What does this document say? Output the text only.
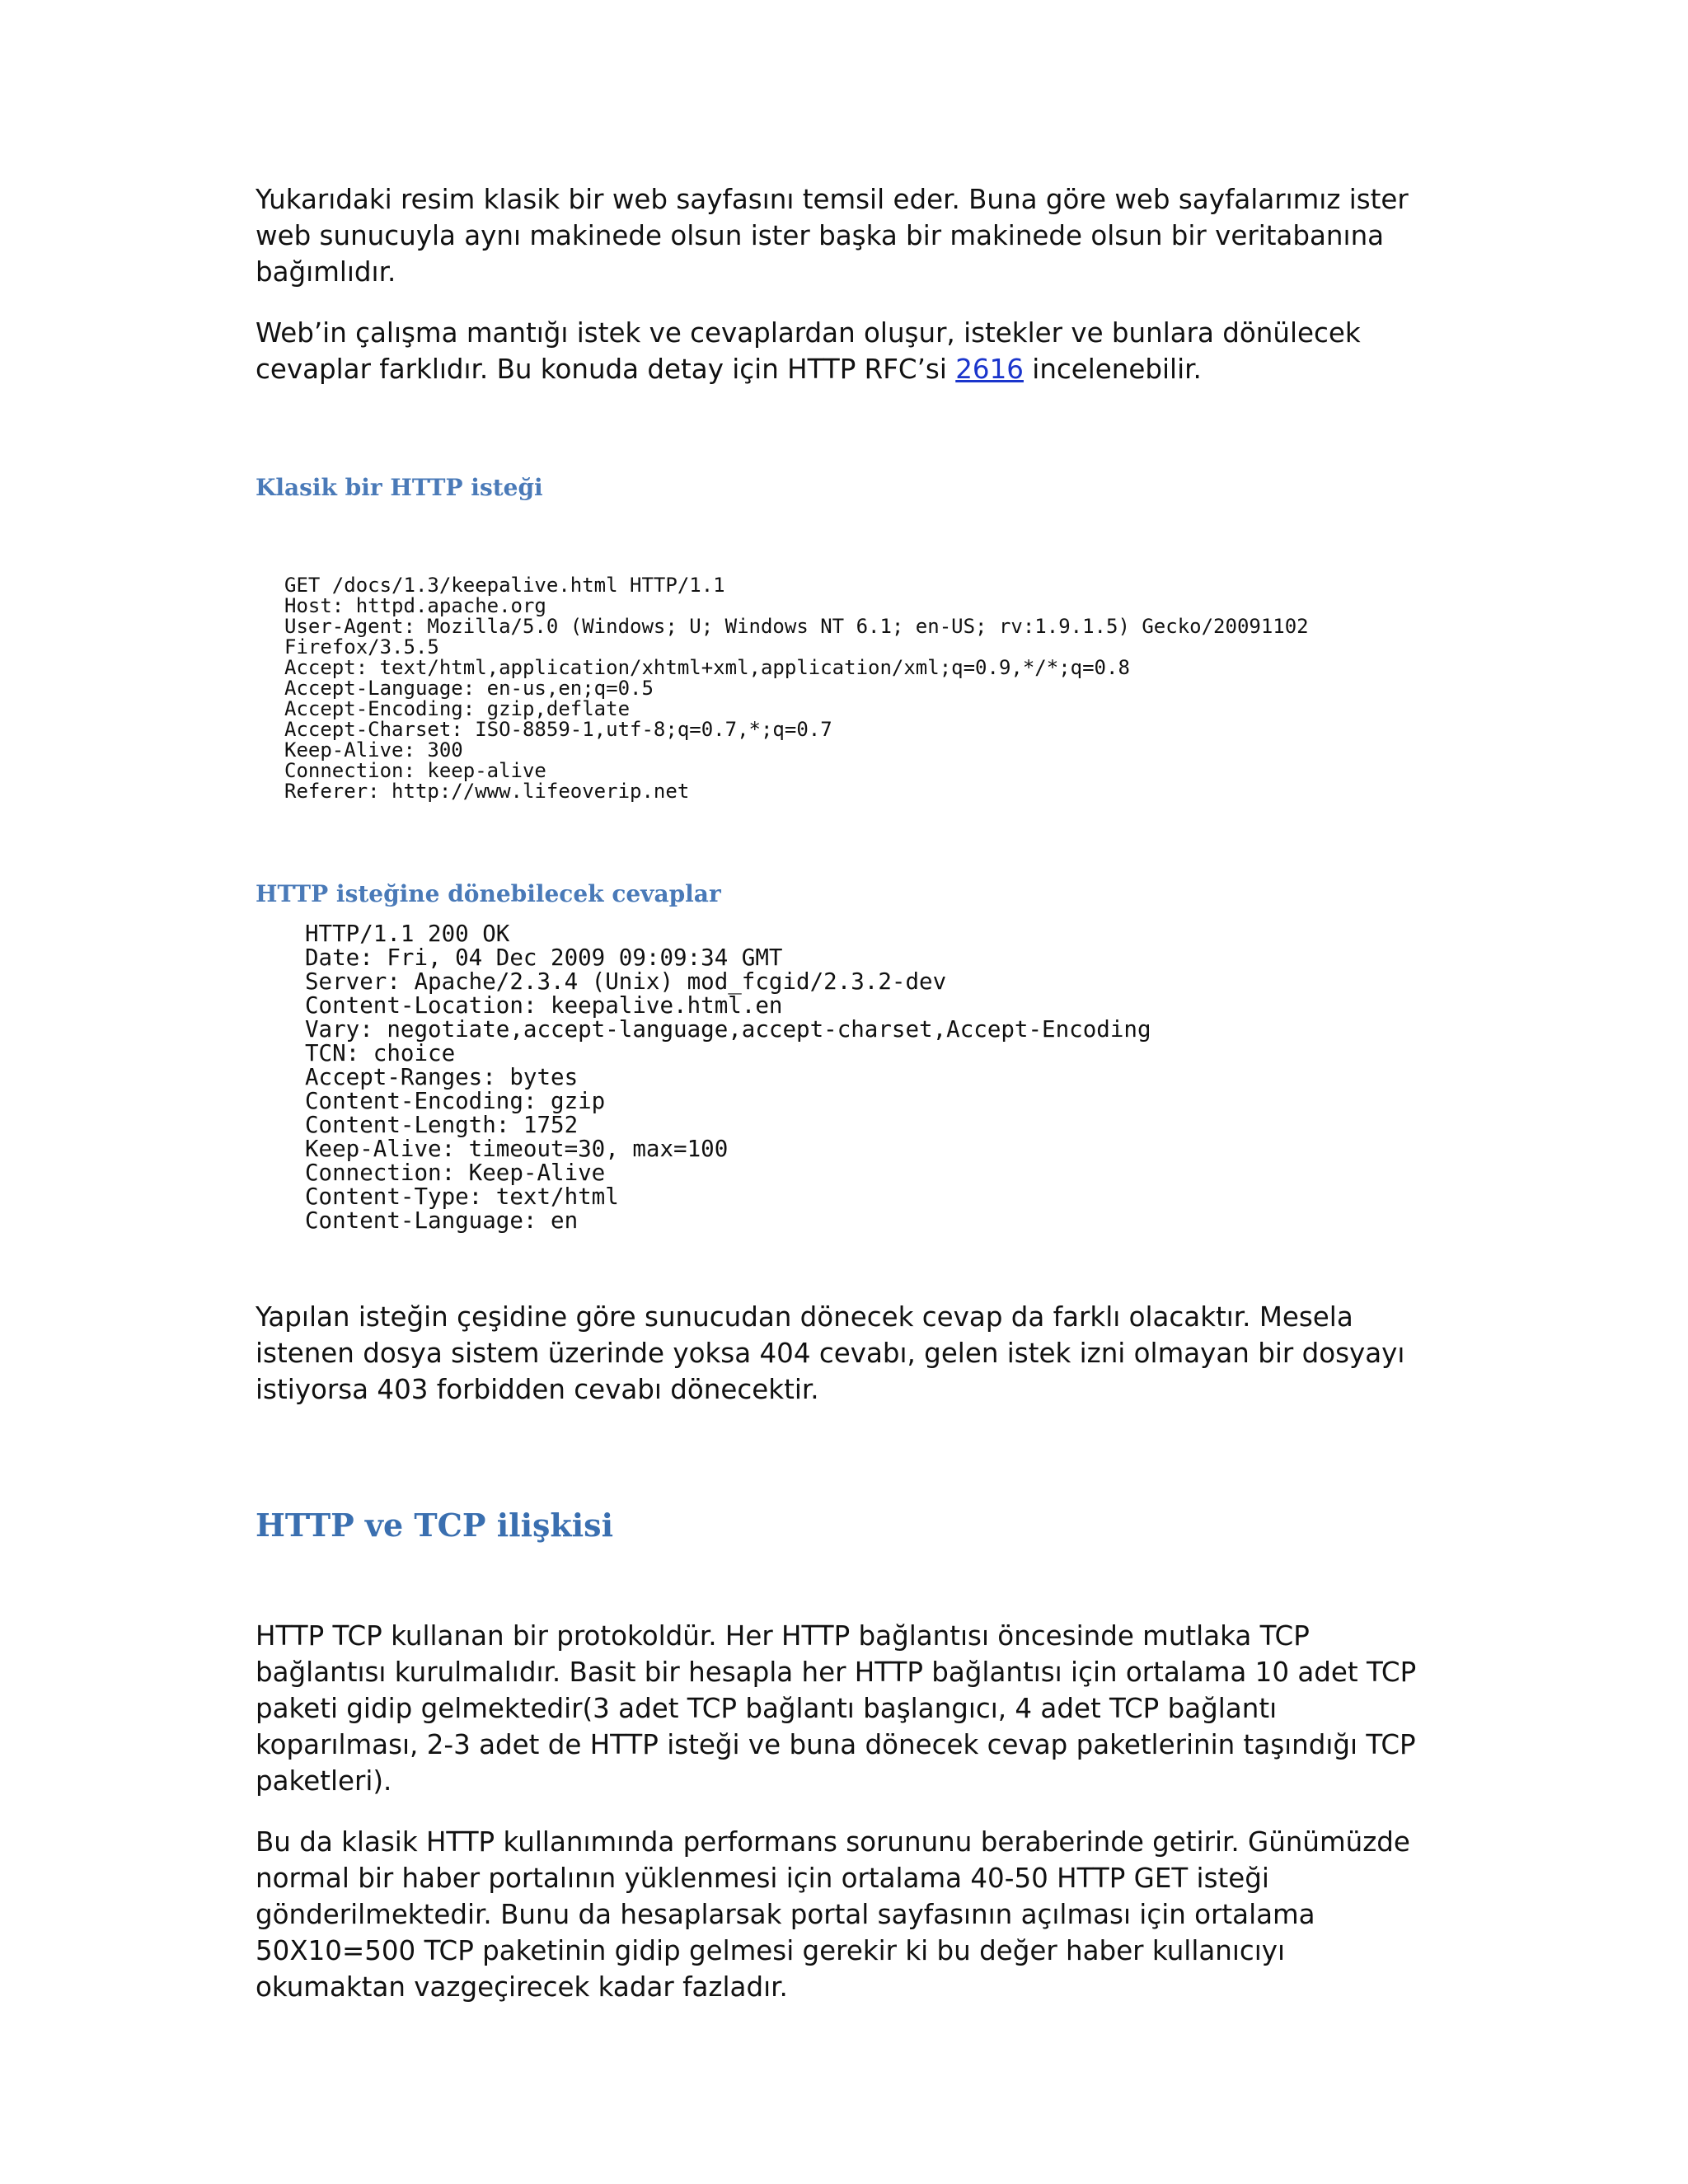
Yukarıdaki resim klasik bir web sayfasını temsil eder. Buna göre web sayfalarımız ister web sunucuyla aynı makinede olsun ister başka bir makinede olsun bir veritabanına bağımlıdır.

Web’in çalışma mantığı istek ve cevaplardan oluşur, istekler ve bunlara dönülecek cevaplar farklıdır. Bu konuda detay için HTTP RFC’si 2616 incelenebilir.

Klasik bir HTTP isteği
GET /docs/1.3/keepalive.html HTTP/1.1
Host: httpd.apache.org
User-Agent: Mozilla/5.0 (Windows; U; Windows NT 6.1; en-US; rv:1.9.1.5) Gecko/20091102
Firefox/3.5.5
Accept: text/html,application/xhtml+xml,application/xml;q=0.9,*/*;q=0.8
Accept-Language: en-us,en;q=0.5
Accept-Encoding: gzip,deflate
Accept-Charset: ISO-8859-1,utf-8;q=0.7,*;q=0.7
Keep-Alive: 300
Connection: keep-alive
Referer: http://www.lifeoverip.net
HTTP isteğine dönebilecek cevaplar
HTTP/1.1 200 OK
Date: Fri, 04 Dec 2009 09:09:34 GMT
Server: Apache/2.3.4 (Unix) mod_fcgid/2.3.2-dev
Content-Location: keepalive.html.en
Vary: negotiate,accept-language,accept-charset,Accept-Encoding
TCN: choice
Accept-Ranges: bytes
Content-Encoding: gzip
Content-Length: 1752
Keep-Alive: timeout=30, max=100
Connection: Keep-Alive
Content-Type: text/html
Content-Language: en

Yapılan isteğin çeşidine göre sunucudan dönecek cevap da farklı olacaktır. Mesela istenen dosya sistem üzerinde yoksa 404 cevabı, gelen istek izni olmayan bir dosyayı istiyorsa 403 forbidden cevabı dönecektir.

HTTP ve TCP ilişkisi

HTTP TCP kullanan bir protokoldür. Her HTTP bağlantısı öncesinde mutlaka TCP bağlantısı kurulmalıdır. Basit bir hesapla her HTTP bağlantısı için ortalama 10 adet TCP paketi gidip gelmektedir(3 adet TCP bağlantı başlangıcı, 4 adet TCP bağlantı koparılması, 2-3 adet de HTTP isteği ve buna dönecek cevap paketlerinin taşındığı TCP paketleri).

Bu da klasik HTTP kullanımında performans sorununu beraberinde getirir. Günümüzde normal bir haber portalının yüklenmesi için ortalama 40-50 HTTP GET isteği gönderilmektedir. Bunu da hesaplarsak portal sayfasının açılması için ortalama 50X10=500 TCP paketinin gidip gelmesi gerekir ki bu değer haber kullanıcıyı okumaktan vazgeçirecek kadar fazladır.
